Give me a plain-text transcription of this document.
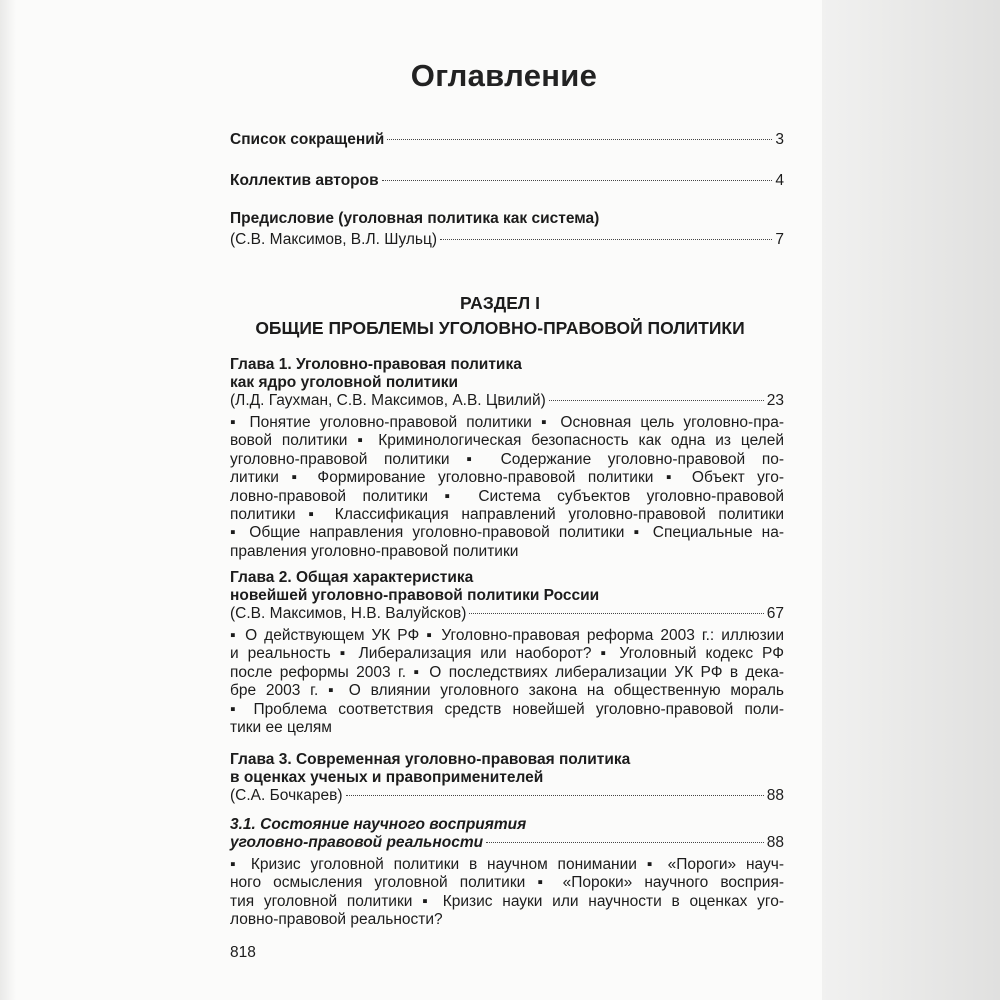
Оглавление
Список сокращений	3
Коллектив авторов	4
Предисловие (уголовная политика как система)
(С.В. Максимов, В.Л. Шульц)	7
РАЗДЕЛ I
ОБЩИЕ ПРОБЛЕМЫ УГОЛОВНО-ПРАВОВОЙ ПОЛИТИКИ
Глава 1. Уголовно-правовая политика
как ядро уголовной политики
(Л.Д. Гаухман, С.В. Максимов, А.В. Цвилий)	23
▪ Понятие уголовно-правовой политики ▪ Основная цель уголовно-пра-
вовой политики ▪ Криминологическая безопасность как одна из целей
уголовно-правовой политики ▪ Содержание уголовно-правовой по-
литики ▪ Формирование уголовно-правовой политики ▪ Объект уго-
ловно-правовой политики ▪ Система субъектов уголовно-правовой
политики ▪ Классификация направлений уголовно-правовой политики
▪ Общие направления уголовно-правовой политики ▪ Специальные на-
правления уголовно-правовой политики
Глава 2. Общая характеристика
новейшей уголовно-правовой политики России
(С.В. Максимов, Н.В. Валуйсков)	67
▪ О действующем УК РФ ▪ Уголовно-правовая реформа 2003 г.: иллюзии
и реальность ▪ Либерализация или наоборот? ▪ Уголовный кодекс РФ
после реформы 2003 г. ▪ О последствиях либерализации УК РФ в дека-
бре 2003 г. ▪ О влиянии уголовного закона на общественную мораль
▪ Проблема соответствия средств новейшей уголовно-правовой поли-
тики ее целям
Глава 3. Современная уголовно-правовая политика
в оценках ученых и правоприменителей
(С.А. Бочкарев)	88
3.1. Состояние научного восприятия
уголовно-правовой реальности	88
▪ Кризис уголовной политики в научном понимании ▪ «Пороги» науч-
ного осмысления уголовной политики ▪ «Пороки» научного восприя-
тия уголовной политики ▪ Кризис науки или научности в оценках уго-
ловно-правовой реальности?
818
